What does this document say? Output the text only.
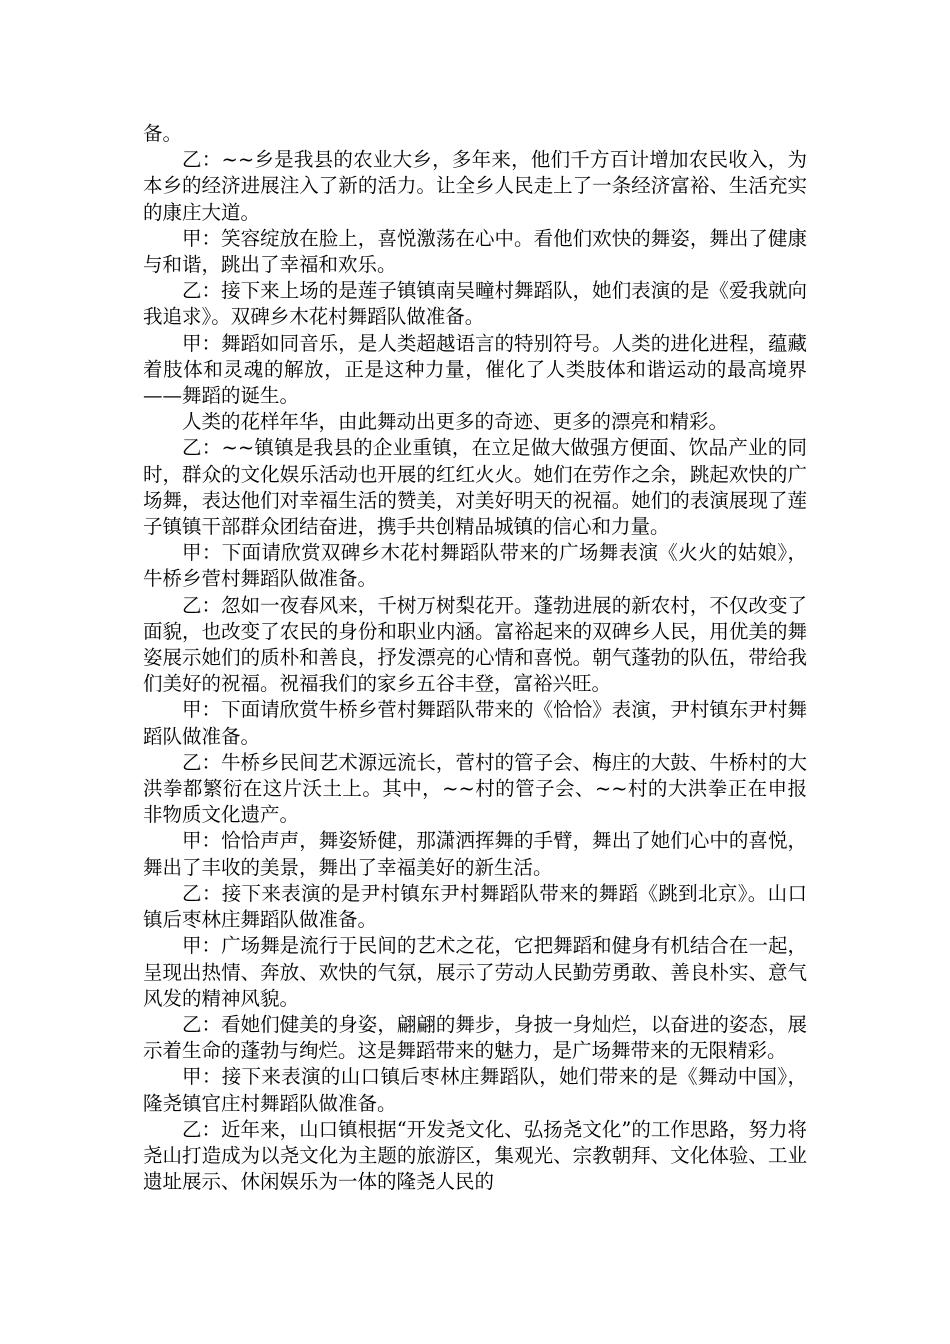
备。

乙：~~乡是我县的农业大乡，多年来，他们千方百计增加农民收入，为本乡的经济进展注入了新的活力。让全乡人民走上了一条经济富裕、生活充实的康庄大道。

甲：笑容绽放在脸上，喜悦激荡在心中。看他们欢快的舞姿，舞出了健康与和谐，跳出了幸福和欢乐。

乙：接下来上场的是莲子镇镇南吴疃村舞蹈队，她们表演的是《爱我就向我追求》。双碑乡木花村舞蹈队做准备。

甲：舞蹈如同音乐，是人类超越语言的特别符号。人类的进化进程，蕴藏着肢体和灵魂的解放，正是这种力量，催化了人类肢体和谐运动的最高境界——舞蹈的诞生。

人类的花样年华，由此舞动出更多的奇迹、更多的漂亮和精彩。

乙：~~镇镇是我县的企业重镇，在立足做大做强方便面、饮品产业的同时，群众的文化娱乐活动也开展的红红火火。她们在劳作之余，跳起欢快的广场舞，表达他们对幸福生活的赞美，对美好明天的祝福。她们的表演展现了莲子镇镇干部群众团结奋进，携手共创精品城镇的信心和力量。

甲：下面请欣赏双碑乡木花村舞蹈队带来的广场舞表演《火火的姑娘》，牛桥乡菅村舞蹈队做准备。

乙：忽如一夜春风来，千树万树梨花开。蓬勃进展的新农村，不仅改变了面貌，也改变了农民的身份和职业内涵。富裕起来的双碑乡人民，用优美的舞姿展示她们的质朴和善良，抒发漂亮的心情和喜悦。朝气蓬勃的队伍，带给我们美好的祝福。祝福我们的家乡五谷丰登，富裕兴旺。

甲：下面请欣赏牛桥乡菅村舞蹈队带来的《恰恰》表演，尹村镇东尹村舞蹈队做准备。

乙：牛桥乡民间艺术源远流长，菅村的管子会、梅庄的大鼓、牛桥村的大洪拳都繁衍在这片沃土上。其中，~~村的管子会、~~村的大洪拳正在申报非物质文化遗产。

甲：恰恰声声，舞姿矫健，那潇洒挥舞的手臂，舞出了她们心中的喜悦，舞出了丰收的美景，舞出了幸福美好的新生活。

乙：接下来表演的是尹村镇东尹村舞蹈队带来的舞蹈《跳到北京》。山口镇后枣林庄舞蹈队做准备。

甲：广场舞是流行于民间的艺术之花，它把舞蹈和健身有机结合在一起，呈现出热情、奔放、欢快的气氛，展示了劳动人民勤劳勇敢、善良朴实、意气风发的精神风貌。

乙：看她们健美的身姿，翩翩的舞步，身披一身灿烂，以奋进的姿态，展示着生命的蓬勃与绚烂。这是舞蹈带来的魅力，是广场舞带来的无限精彩。

甲：接下来表演的山口镇后枣林庄舞蹈队，她们带来的是《舞动中国》，隆尧镇官庄村舞蹈队做准备。

乙：近年来，山口镇根据“开发尧文化、弘扬尧文化”的工作思路，努力将尧山打造成为以尧文化为主题的旅游区，集观光、宗教朝拜、文化体验、工业遗址展示、休闲娱乐为一体的隆尧人民的
